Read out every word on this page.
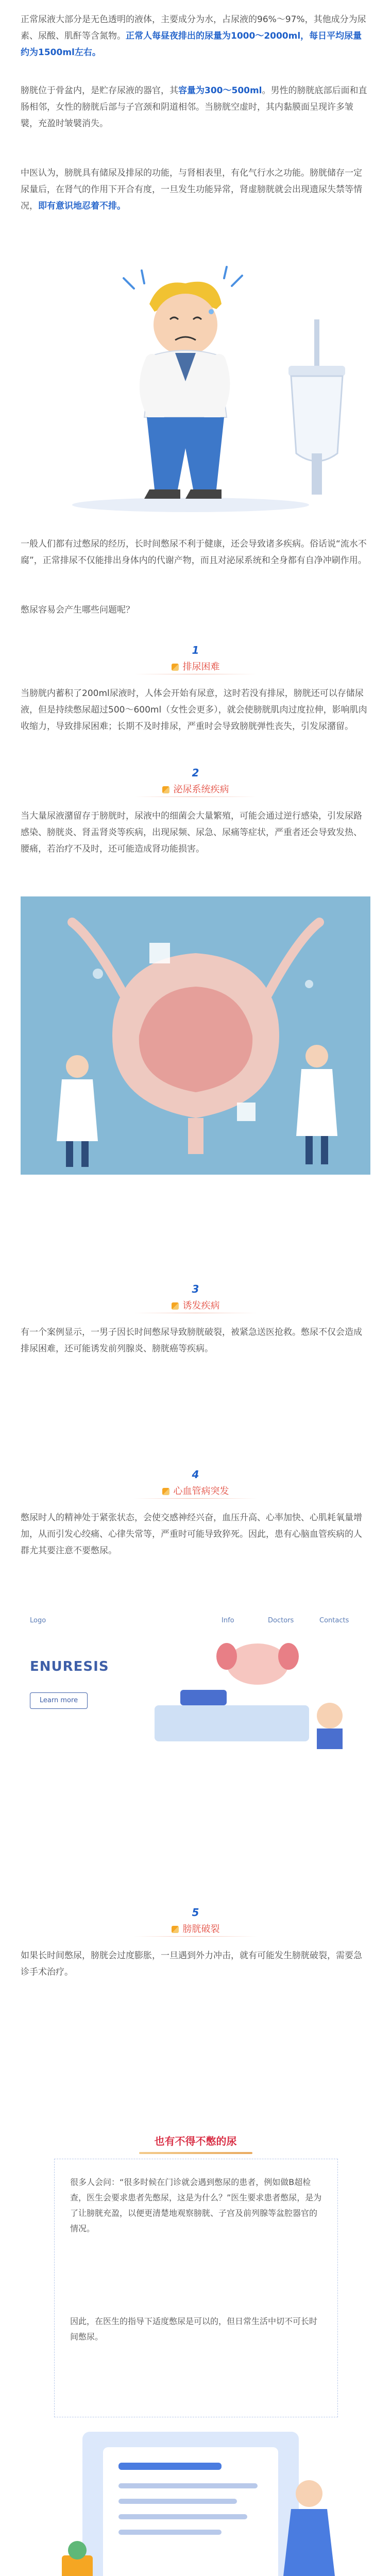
正常尿液大部分是无色透明的液体，主要成分为水，占尿液的96%～97%，其他成分为尿素、尿酸、肌酐等含氮物。正常人每昼夜排出的尿量为1000～2000ml，每日平均尿量约为1500ml左右。

膀胱位于骨盆内，是贮存尿液的器官，其容量为300～500ml。男性的膀胱底部后面和直肠相邻，女性的膀胱后部与子宫颈和阴道相邻。当膀胱空虚时，其内黏膜面呈现许多皱襞，充盈时皱襞消失。

中医认为，膀胱具有储尿及排尿的功能，与肾相表里，有化气行水之功能。膀胱储存一定尿量后，在肾气的作用下开合有度，一旦发生功能异常，肾虚膀胱就会出现遗尿失禁等情况，即有意识地忍着不排。

一般人们都有过憋尿的经历，长时间憋尿不利于健康，还会导致诸多疾病。俗话说“流水不腐”，正常排尿不仅能排出身体内的代谢产物，而且对泌尿系统和全身都有自净冲刷作用。

憋尿容易会产生哪些问题呢？

1
排尿困难

当膀胱内蓄积了200ml尿液时，人体会开始有尿意，这时若没有排尿，膀胱还可以存储尿液，但是持续憋尿超过500～600ml（女性会更多），就会使膀胱肌肉过度拉伸，影响肌肉收缩力，导致排尿困难；长期不及时排尿，严重时会导致膀胱弹性丧失，引发尿潴留。

2
泌尿系统疾病

当大量尿液潴留存于膀胱时，尿液中的细菌会大量繁殖，可能会通过逆行感染，引发尿路感染、膀胱炎、肾盂肾炎等疾病，出现尿频、尿急、尿痛等症状，严重者还会导致发热、腰痛，若治疗不及时，还可能造成肾功能损害。

3
诱发疾病

有一个案例显示，一男子因长时间憋尿导致膀胱破裂，被紧急送医抢救。憋尿不仅会造成排尿困难，还可能诱发前列腺炎、膀胱癌等疾病。

4
心血管病突发

憋尿时人的精神处于紧张状态，会使交感神经兴奋，血压升高、心率加快、心肌耗氧量增加，从而引发心绞痛、心律失常等，严重时可能导致猝死。因此，患有心脑血管疾病的人群尤其要注意不要憋尿。

Logo	Info	Doctors	Contacts
ENURESIS
Learn more
5
膀胱破裂

如果长时间憋尿，膀胱会过度膨胀，一旦遇到外力冲击，就有可能发生膀胱破裂，需要急诊手术治疗。

也有不得不憋的尿

很多人会问：“很多时候在门诊就会遇到憋尿的患者，例如做B超检查，医生会要求患者先憋尿，这是为什么？”医生要求患者憋尿，是为了让膀胱充盈，以便更清楚地观察膀胱、子宫及前列腺等盆腔器官的情况。

因此，在医生的指导下适度憋尿是可以的，但日常生活中切不可长时间憋尿。
